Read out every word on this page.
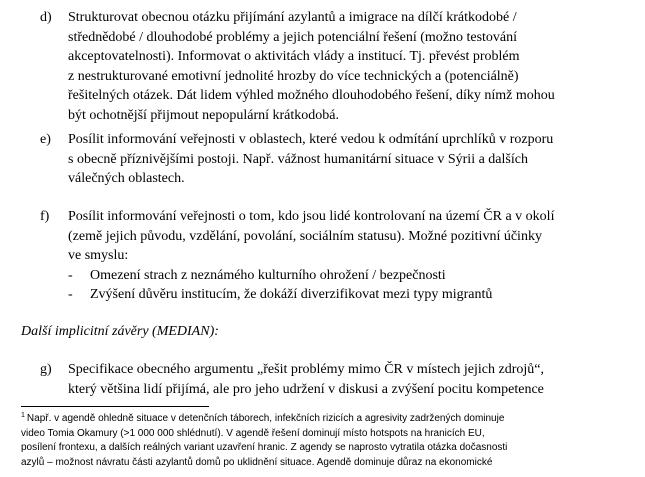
d)	Strukturovat obecnou otázku přijímání azylantů a imigrace na dílčí krátkodobé /
střednědobé / dlouhodobé problémy a jejich potenciální řešení (možno testování
akceptovatelnosti). Informovat o aktivitách vlády a institucí. Tj. převést problém
z nestrukturované emotivní jednolité hrozby do více technických a (potenciálně)
řešitelných otázek. Dát lidem výhled možného dlouhodobého řešení, díky nímž mohou
být ochotnější přijmout nepopulární krátkodobá.
e)	Posílit informování veřejnosti v oblastech, které vedou k odmítání uprchlíků v rozporu
s obecně příznivějšími postoji. Např. vážnost humanitární situace v Sýrii a dalších
válečných oblastech.
f)	Posílit informování veřejnosti o tom, kdo jsou lidé kontrolovaní na území ČR a v okolí
(země jejich původu, vzdělání, povolání, sociálním statusu). Možné pozitivní účinky
ve smyslu:
- Omezení strach z neznámého kulturního ohrožení / bezpečnosti
- Zvýšení důvěru institucím, že dokáží diverzifikovat mezi typy migrantů
Další implicitní závěry (MEDIAN):
g)	Specifikace obecného argumentu „řešit problémy mimo ČR v místech jejich zdrojů“,
který většina lidí přijímá, ale pro jeho udržení v diskusi a zvýšení pocitu kompetence
$^1$ Např. v agendě ohledně situace v detenčních táborech, infekčních rizicích a agresivity zadržených dominuje
video Tomia Okamury (>1 000 000 shlédnutí). V agendě řešení dominují místo hotspots na hranicích EU,
posílení frontexu, a dalších reálných variant uzavření hranic. Z agendy se naprosto vytratila otázka dočasnosti
azylů – možnost návratu části azylantů domů po uklidnění situace. Agendě dominuje důraz na ekonomické
